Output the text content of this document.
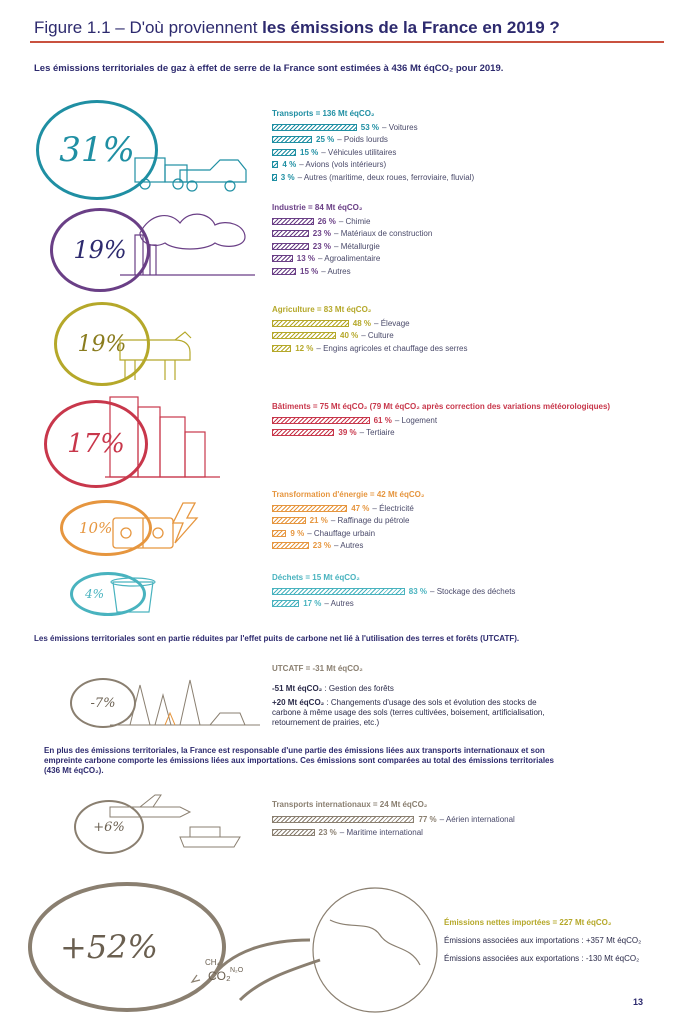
Figure 1.1 – D'où proviennent les émissions de la France en 2019 ?
Les émissions territoriales de gaz à effet de serre de la France sont estimées à 436 Mt éqCO₂ pour 2019.
31%
19%
19%
17%
10%
4%
Transports = 136 Mt éqCO₂
53 % – Voitures
25 % – Poids lourds
15 % – Véhicules utilitaires
4 % – Avions (vols intérieurs)
3 % – Autres (maritime, deux roues, ferroviaire, fluvial)
Industrie = 84 Mt éqCO₂
26 % – Chimie
23 % – Matériaux de construction
23 % – Métallurgie
13 % – Agroalimentaire
15 % – Autres
Agriculture = 83 Mt éqCO₂
48 % – Élevage
40 % – Culture
12 % – Engins agricoles et chauffage des serres
Bâtiments = 75 Mt éqCO₂ (79 Mt éqCO₂ après correction des variations météorologiques)
61 % – Logement
39 % – Tertiaire
Transformation d'énergie = 42 Mt éqCO₂
47 % – Électricité
21 % – Raffinage du pétrole
9 % – Chauffage urbain
23 % – Autres
Déchets = 15 Mt éqCO₂
83 % – Stockage des déchets
17 % – Autres
Les émissions territoriales sont en partie réduites par l'effet puits de carbone net lié à l'utilisation des terres et forêts (UTCATF).
-7%
UTCATF = -31 Mt éqCO₂
-51 Mt éqCO₂ : Gestion des forêts
+20 Mt éqCO₂ : Changements d'usage des sols et évolution des stocks de carbone à même usage des sols (terres cultivées, boisement, artificialisation, retournement de prairies, etc.)
En plus des émissions territoriales, la France est responsable d'une partie des émissions liées aux transports internationaux et son empreinte carbone comporte les émissions liées aux importations. Ces émissions sont comparées au total des émissions territoriales (436 Mt éqCO₂).
+6%
Transports internationaux = 24 Mt éqCO₂
77 % – Aérien international
23 % – Maritime international
+52%	CH₄
CO₂ N₂O
Émissions nettes importées = 227 Mt éqCO₂
Émissions associées aux importations : +357 Mt éqCO₂
Émissions associées aux exportations : -130 Mt éqCO₂
13
